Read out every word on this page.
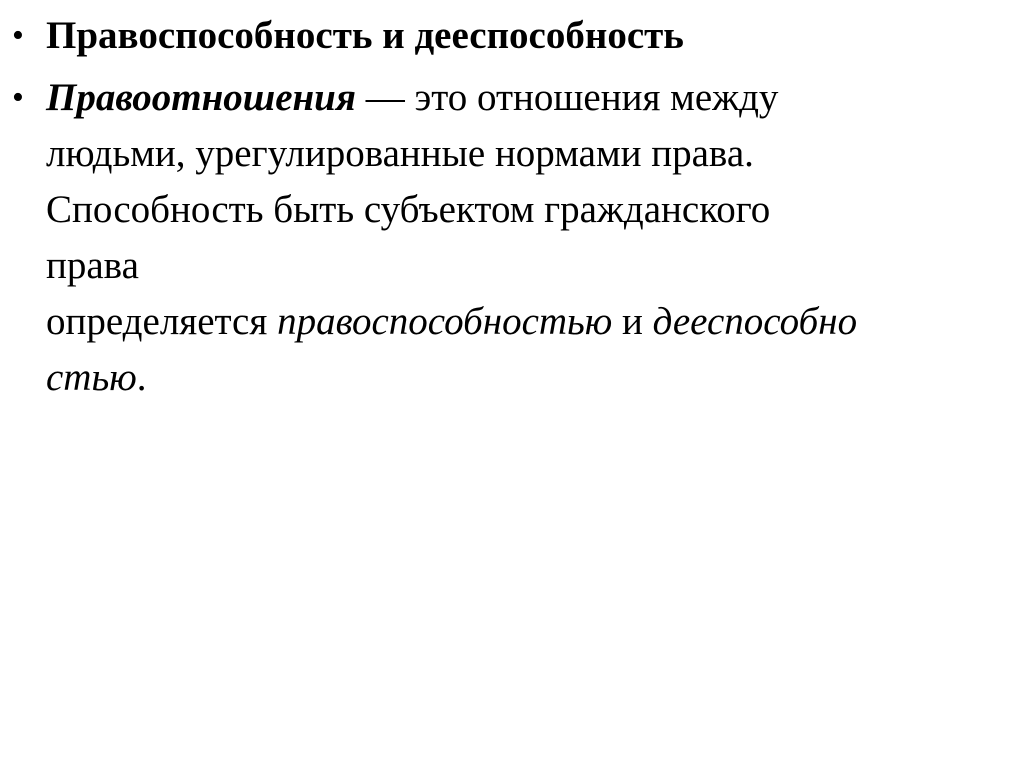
• Правоспособность и дееспособность
• Правоотношения — это отношения между
людьми, урегулированные нормами права.
Способность быть субъектом гражданского
права
определяется правоспособностью и дееспособно
стью.
